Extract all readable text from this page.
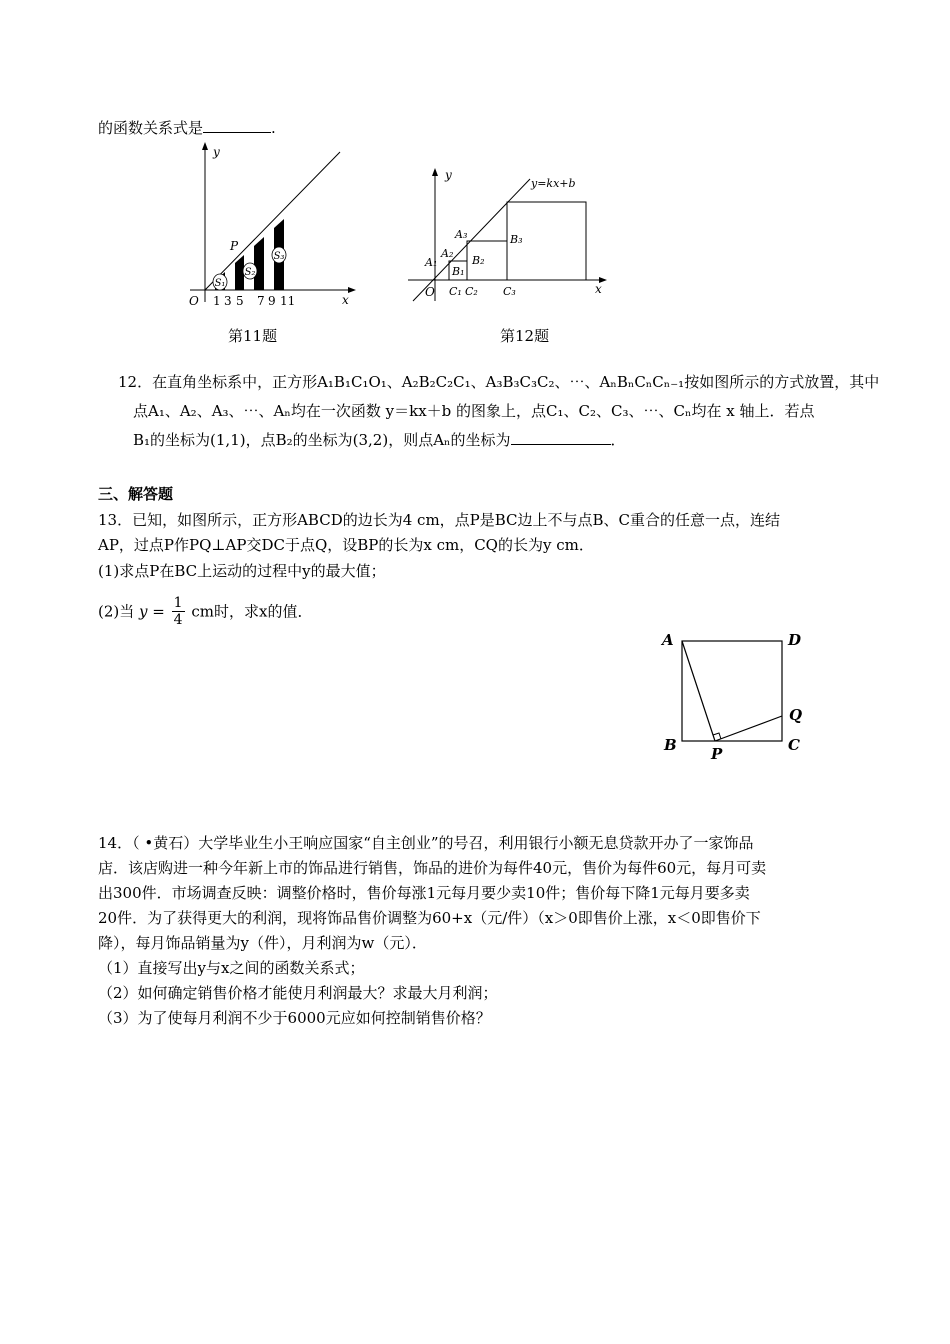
的函数关系式是	.
S₁
S₂
S₃
y
x
O
P
1 3 5 7 9 11
第11题
y
x
O
y=kx+b
A₁
A₂
A₃
B₁
B₂
B₃
C₁ C₂ C₃
第12题
12．在直角坐标系中，正方形A₁B₁C₁O₁、A₂B₂C₂C₁、A₃B₃C₃C₂、⋯、AₙBₙCₙCₙ₋₁按如图所示的方式放置，其中
点A₁、A₂、A₃、⋯、Aₙ均在一次函数 y＝kx＋b 的图象上，点C₁、C₂、C₃、⋯、Cₙ均在 x 轴上．若点
B₁的坐标为(1,1)，点B₂的坐标为(3,2)，则点Aₙ的坐标为	．
三、解答题
13．已知，如图所示，正方形ABCD的边长为4 cm，点P是BC边上不与点B、C重合的任意一点，连结
AP，过点P作PQ⊥AP交DC于点Q，设BP的长为x cm，CQ的长为y cm．
(1)求点P在BC上运动的过程中y的最大值；
(2)当 $y = \frac{1}{4}$ cm时，求x的值．
A	D
B	C
P
Q
14．（ •黄石）大学毕业生小王响应国家“自主创业”的号召，利用银行小额无息贷款开办了一家饰品
店．该店购进一种今年新上市的饰品进行销售，饰品的进价为每件40元，售价为每件60元，每月可卖
出300件．市场调查反映：调整价格时，售价每涨1元每月要少卖10件；售价每下降1元每月要多卖
20件．为了获得更大的利润，现将饰品售价调整为60+x（元/件）（x＞0即售价上涨，x＜0即售价下
降），每月饰品销量为y（件），月利润为w（元）．
（1）直接写出y与x之间的函数关系式；
（2）如何确定销售价格才能使月利润最大？求最大月利润；
（3）为了使每月利润不少于6000元应如何控制销售价格？
